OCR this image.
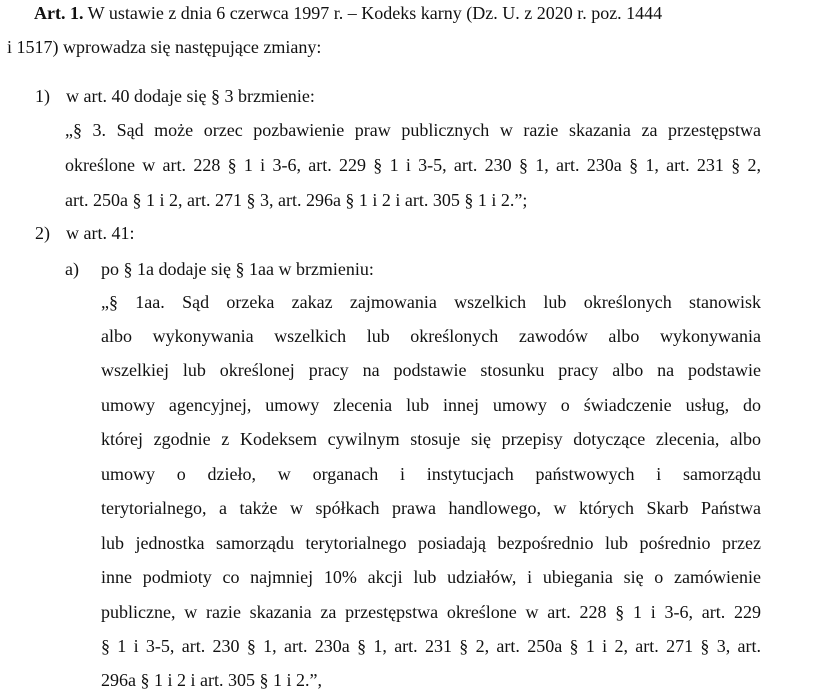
Art. 1. W ustawie z dnia 6 czerwca 1997 r. – Kodeks karny (Dz. U. z 2020 r. poz. 1444
i 1517) wprowadza się następujące zmiany:
1) w art. 40 dodaje się § 3 brzmienie:
„§ 3. Sąd może orzec pozbawienie praw publicznych w razie skazania za przestępstwa
określone w art. 228 § 1 i 3-6, art. 229 § 1 i 3-5, art. 230 § 1, art. 230a § 1, art. 231 § 2,
art. 250a § 1 i 2, art. 271 § 3, art. 296a § 1 i 2 i art. 305 § 1 i 2.”;
2) w art. 41:
a) po § 1a dodaje się § 1aa w brzmieniu:
„§ 1aa. Sąd orzeka zakaz zajmowania wszelkich lub określonych stanowisk
albo wykonywania wszelkich lub określonych zawodów albo wykonywania
wszelkiej lub określonej pracy na podstawie stosunku pracy albo na podstawie
umowy agencyjnej, umowy zlecenia lub innej umowy o świadczenie usług, do
której zgodnie z Kodeksem cywilnym stosuje się przepisy dotyczące zlecenia, albo
umowy o dzieło, w organach i instytucjach państwowych i samorządu
terytorialnego, a także w spółkach prawa handlowego, w których Skarb Państwa
lub jednostka samorządu terytorialnego posiadają bezpośrednio lub pośrednio przez
inne podmioty co najmniej 10% akcji lub udziałów, i ubiegania się o zamówienie
publiczne, w razie skazania za przestępstwa określone w art. 228 § 1 i 3-6, art. 229
§ 1 i 3-5, art. 230 § 1, art. 230a § 1, art. 231 § 2, art. 250a § 1 i 2, art. 271 § 3, art.
296a § 1 i 2 i art. 305 § 1 i 2.”,
